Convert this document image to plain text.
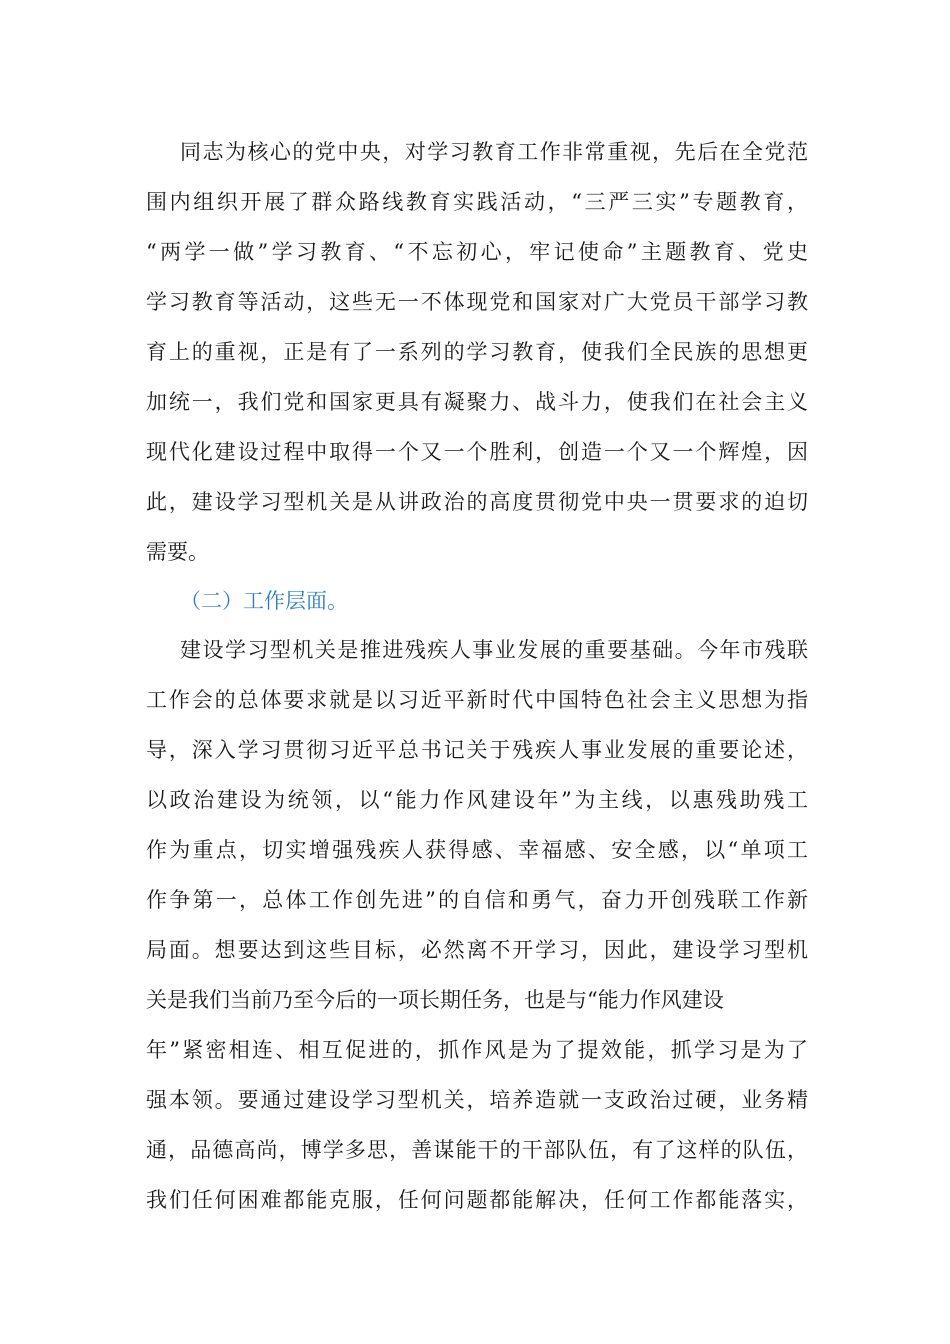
同志为核心的党中央，对学习教育工作非常重视，先后在全党范
围内组织开展了群众路线教育实践活动，“三严三实”专题教育，
“两学一做”学习教育、“不忘初心，牢记使命”主题教育、党史
学习教育等活动，这些无一不体现党和国家对广大党员干部学习教
育上的重视，正是有了一系列的学习教育，使我们全民族的思想更
加统一，我们党和国家更具有凝聚力、战斗力，使我们在社会主义
现代化建设过程中取得一个又一个胜利，创造一个又一个辉煌，因
此，建设学习型机关是从讲政治的高度贯彻党中央一贯要求的迫切
需要。
（二）工作层面。
建设学习型机关是推进残疾人事业发展的重要基础。今年市残联
工作会的总体要求就是以习近平新时代中国特色社会主义思想为指
导，深入学习贯彻习近平总书记关于残疾人事业发展的重要论述，
以政治建设为统领，以“能力作风建设年”为主线，以惠残助残工
作为重点，切实增强残疾人获得感、幸福感、安全感，以“单项工
作争第一，总体工作创先进”的自信和勇气，奋力开创残联工作新
局面。想要达到这些目标，必然离不开学习，因此，建设学习型机
关是我们当前乃至今后的一项长期任务，也是与“能力作风建设
年”紧密相连、相互促进的，抓作风是为了提效能，抓学习是为了
强本领。要通过建设学习型机关，培养造就一支政治过硬，业务精
通，品德高尚，博学多思，善谋能干的干部队伍，有了这样的队伍，
我们任何困难都能克服，任何问题都能解决，任何工作都能落实，
